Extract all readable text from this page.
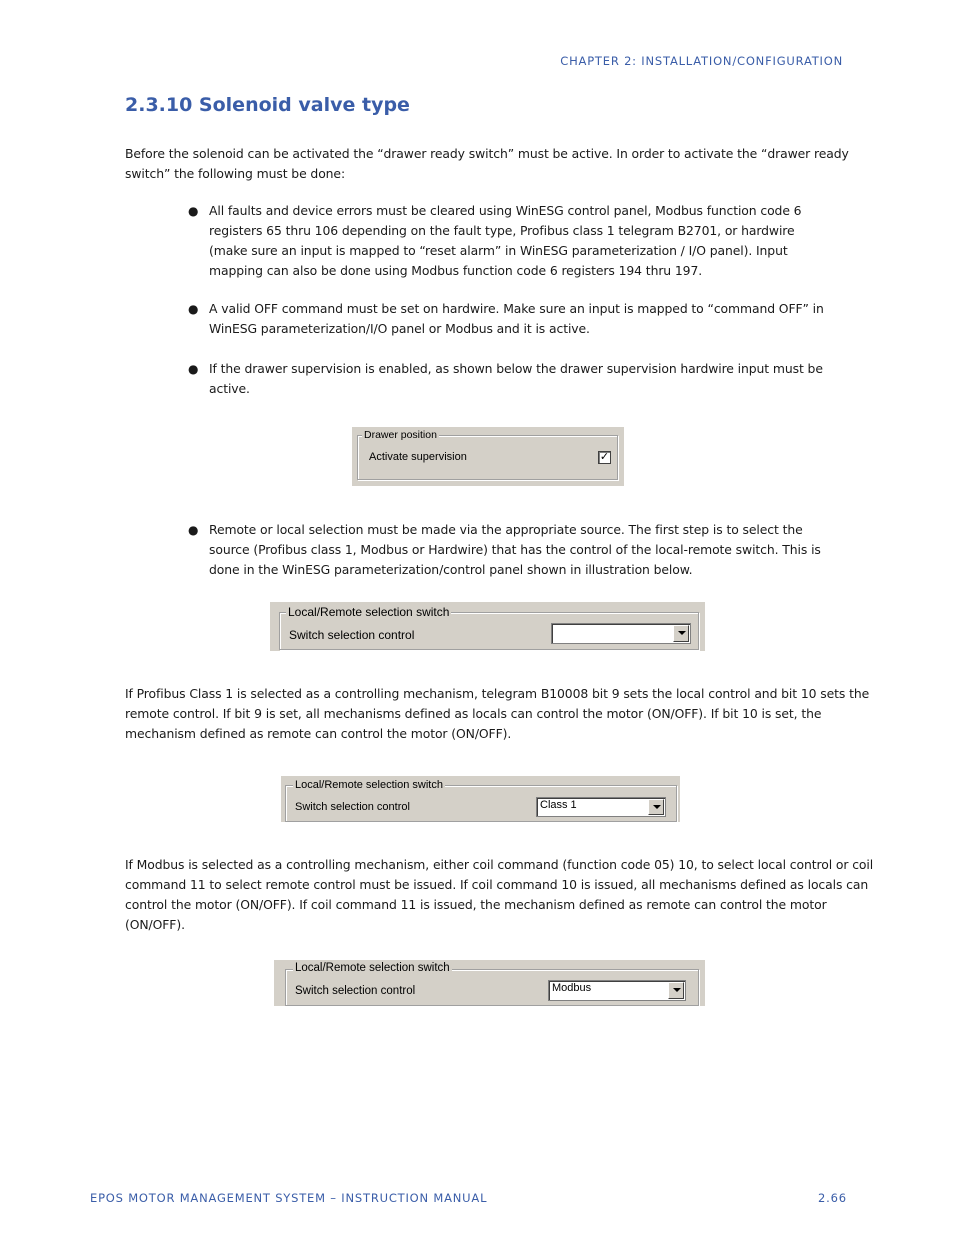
CHAPTER 2: INSTALLATION/CONFIGURATION
2.3.10 Solenoid valve type

Before the solenoid can be activated the “drawer ready switch” must be active. In order to activate the “drawer ready switch” the following must be done:

● All faults and device errors must be cleared using WinESG control panel, Modbus function code 6 registers 65 thru 106 depending on the fault type, Profibus class 1 telegram B2701, or hardwire (make sure an input is mapped to “reset alarm” in WinESG parameterization / I/O panel). Input mapping can also be done using Modbus function code 6 registers 194 thru 197.
● A valid OFF command must be set on hardwire. Make sure an input is mapped to “command OFF” in WinESG parameterization/I/O panel or Modbus and it is active.
● If the drawer supervision is enabled, as shown below the drawer supervision hardwire input must be active.
Drawer position
Activate supervision	✓
● Remote or local selection must be made via the appropriate source. The first step is to select the source (Profibus class 1, Modbus or Hardwire) that has the control of the local-remote switch. This is done in the WinESG parameterization/control panel shown in illustration below.
Local/Remote selection switch
Switch selection control

If Profibus Class 1 is selected as a controlling mechanism, telegram B10008 bit 9 sets the local control and bit 10 sets the remote control. If bit 9 is set, all mechanisms defined as locals can control the motor (ON/OFF). If bit 10 is set, the mechanism defined as remote can control the motor (ON/OFF).

Local/Remote selection switch
Switch selection control	Class 1

If Modbus is selected as a controlling mechanism, either coil command (function code 05) 10, to select local control or coil command 11 to select remote control must be issued. If coil command 10 is issued, all mechanisms defined as locals can control the motor (ON/OFF). If coil command 11 is issued, the mechanism defined as remote can control the motor (ON/OFF).

Local/Remote selection switch
Switch selection control	Modbus
EPOS MOTOR MANAGEMENT SYSTEM – INSTRUCTION MANUAL	2.66
